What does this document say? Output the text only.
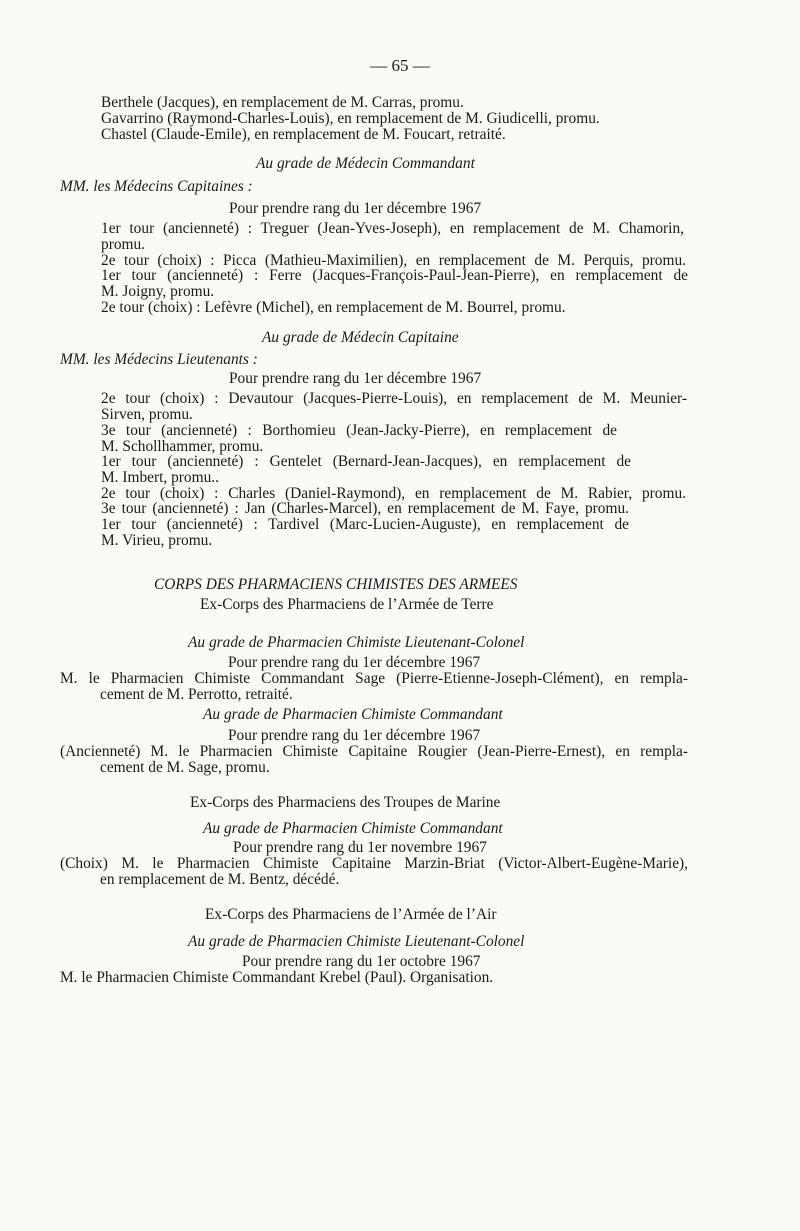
— 65 —
Berthele (Jacques), en remplacement de M. Carras, promu.
Gavarrino (Raymond-Charles-Louis), en remplacement de M. Giudicelli, promu.
Chastel (Claude-Emile), en remplacement de M. Foucart, retraité.
Au grade de Médecin Commandant
MM. les Médecins Capitaines :
Pour prendre rang du 1er décembre 1967
1er tour (ancienneté) : Treguer (Jean-Yves-Joseph), en remplacement de M. Chamorin,
promu.
2e tour (choix) : Picca (Mathieu-Maximilien), en remplacement de M. Perquis, promu.
1er tour (ancienneté) : Ferre (Jacques-François-Paul-Jean-Pierre), en remplacement de
M. Joigny, promu.
2e tour (choix) : Lefèvre (Michel), en remplacement de M. Bourrel, promu.
Au grade de Médecin Capitaine
MM. les Médecins Lieutenants :
Pour prendre rang du 1er décembre 1967
2e tour (choix) : Devautour (Jacques-Pierre-Louis), en remplacement de M. Meunier-
Sirven, promu.
3e tour (ancienneté) : Borthomieu (Jean-Jacky-Pierre), en remplacement de
M. Schollhammer, promu.
1er tour (ancienneté) : Gentelet (Bernard-Jean-Jacques), en remplacement de
M. Imbert, promu..
2e tour (choix) : Charles (Daniel-Raymond), en remplacement de M. Rabier, promu.
3e tour (ancienneté) : Jan (Charles-Marcel), en remplacement de M. Faye, promu.
1er tour (ancienneté) : Tardivel (Marc-Lucien-Auguste), en remplacement de
M. Virieu, promu.
CORPS DES PHARMACIENS CHIMISTES DES ARMEES
Ex-Corps des Pharmaciens de l’Armée de Terre
Au grade de Pharmacien Chimiste Lieutenant-Colonel
Pour prendre rang du 1er décembre 1967
M. le Pharmacien Chimiste Commandant Sage (Pierre-Etienne-Joseph-Clément), en rempla-
cement de M. Perrotto, retraité.
Au grade de Pharmacien Chimiste Commandant
Pour prendre rang du 1er décembre 1967
(Ancienneté) M. le Pharmacien Chimiste Capitaine Rougier (Jean-Pierre-Ernest), en rempla-
cement de M. Sage, promu.
Ex-Corps des Pharmaciens des Troupes de Marine
Au grade de Pharmacien Chimiste Commandant
Pour prendre rang du 1er novembre 1967
(Choix) M. le Pharmacien Chimiste Capitaine Marzin-Briat (Victor-Albert-Eugène-Marie),
en remplacement de M. Bentz, décédé.
Ex-Corps des Pharmaciens de l’Armée de l’Air
Au grade de Pharmacien Chimiste Lieutenant-Colonel
Pour prendre rang du 1er octobre 1967
M. le Pharmacien Chimiste Commandant Krebel (Paul). Organisation.
